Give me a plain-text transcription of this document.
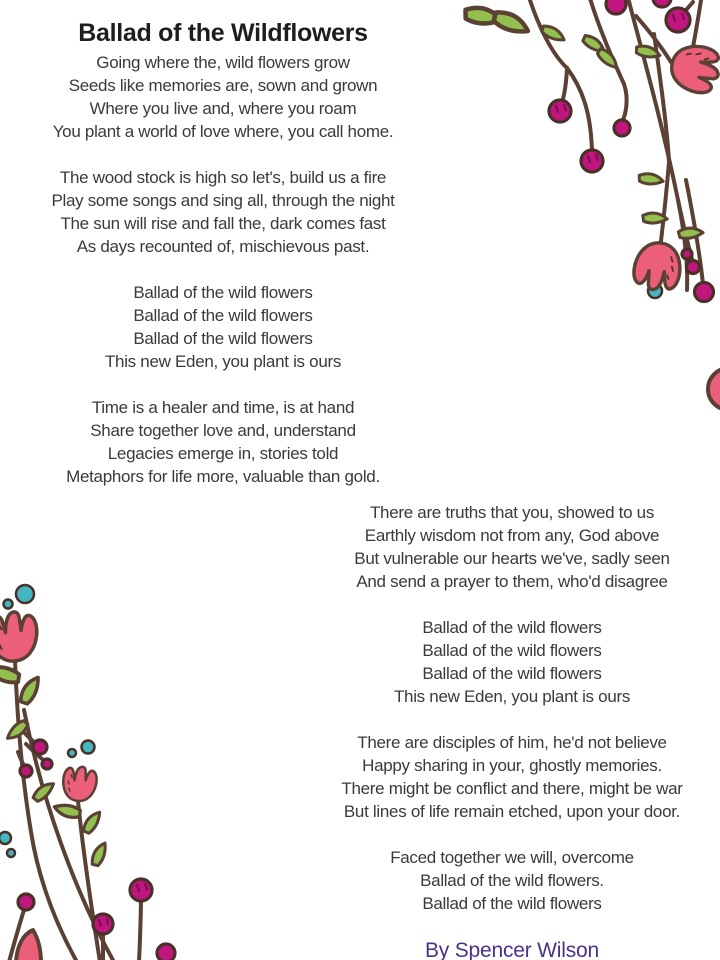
Ballad of the Wildflowers
Going where the, wild flowers grow
Seeds like memories are, sown and grown
Where you live and, where you roam
You plant a world of love where, you call home.
The wood stock is high so let's, build us a fire
Play some songs and sing all, through the night
The sun will rise and fall the, dark comes fast
As days recounted of, mischievous past.
Ballad of the wild flowers
Ballad of the wild flowers
Ballad of the wild flowers
This new Eden, you plant is ours
Time is a healer and time, is at hand
Share together love and, understand
Legacies emerge in, stories told
Metaphors for life more, valuable than gold.
There are truths that you, showed to us
Earthly wisdom not from any, God above
But vulnerable our hearts we've, sadly seen
And send a prayer to them, who'd disagree
Ballad of the wild flowers
Ballad of the wild flowers
Ballad of the wild flowers
This new Eden, you plant is ours
There are disciples of him, he'd not believe
Happy sharing in your, ghostly memories.
There might be conflict and there, might be war
But lines of life remain etched, upon your door.
Faced together we will, overcome
Ballad of the wild flowers.
Ballad of the wild flowers
By Spencer Wilson
